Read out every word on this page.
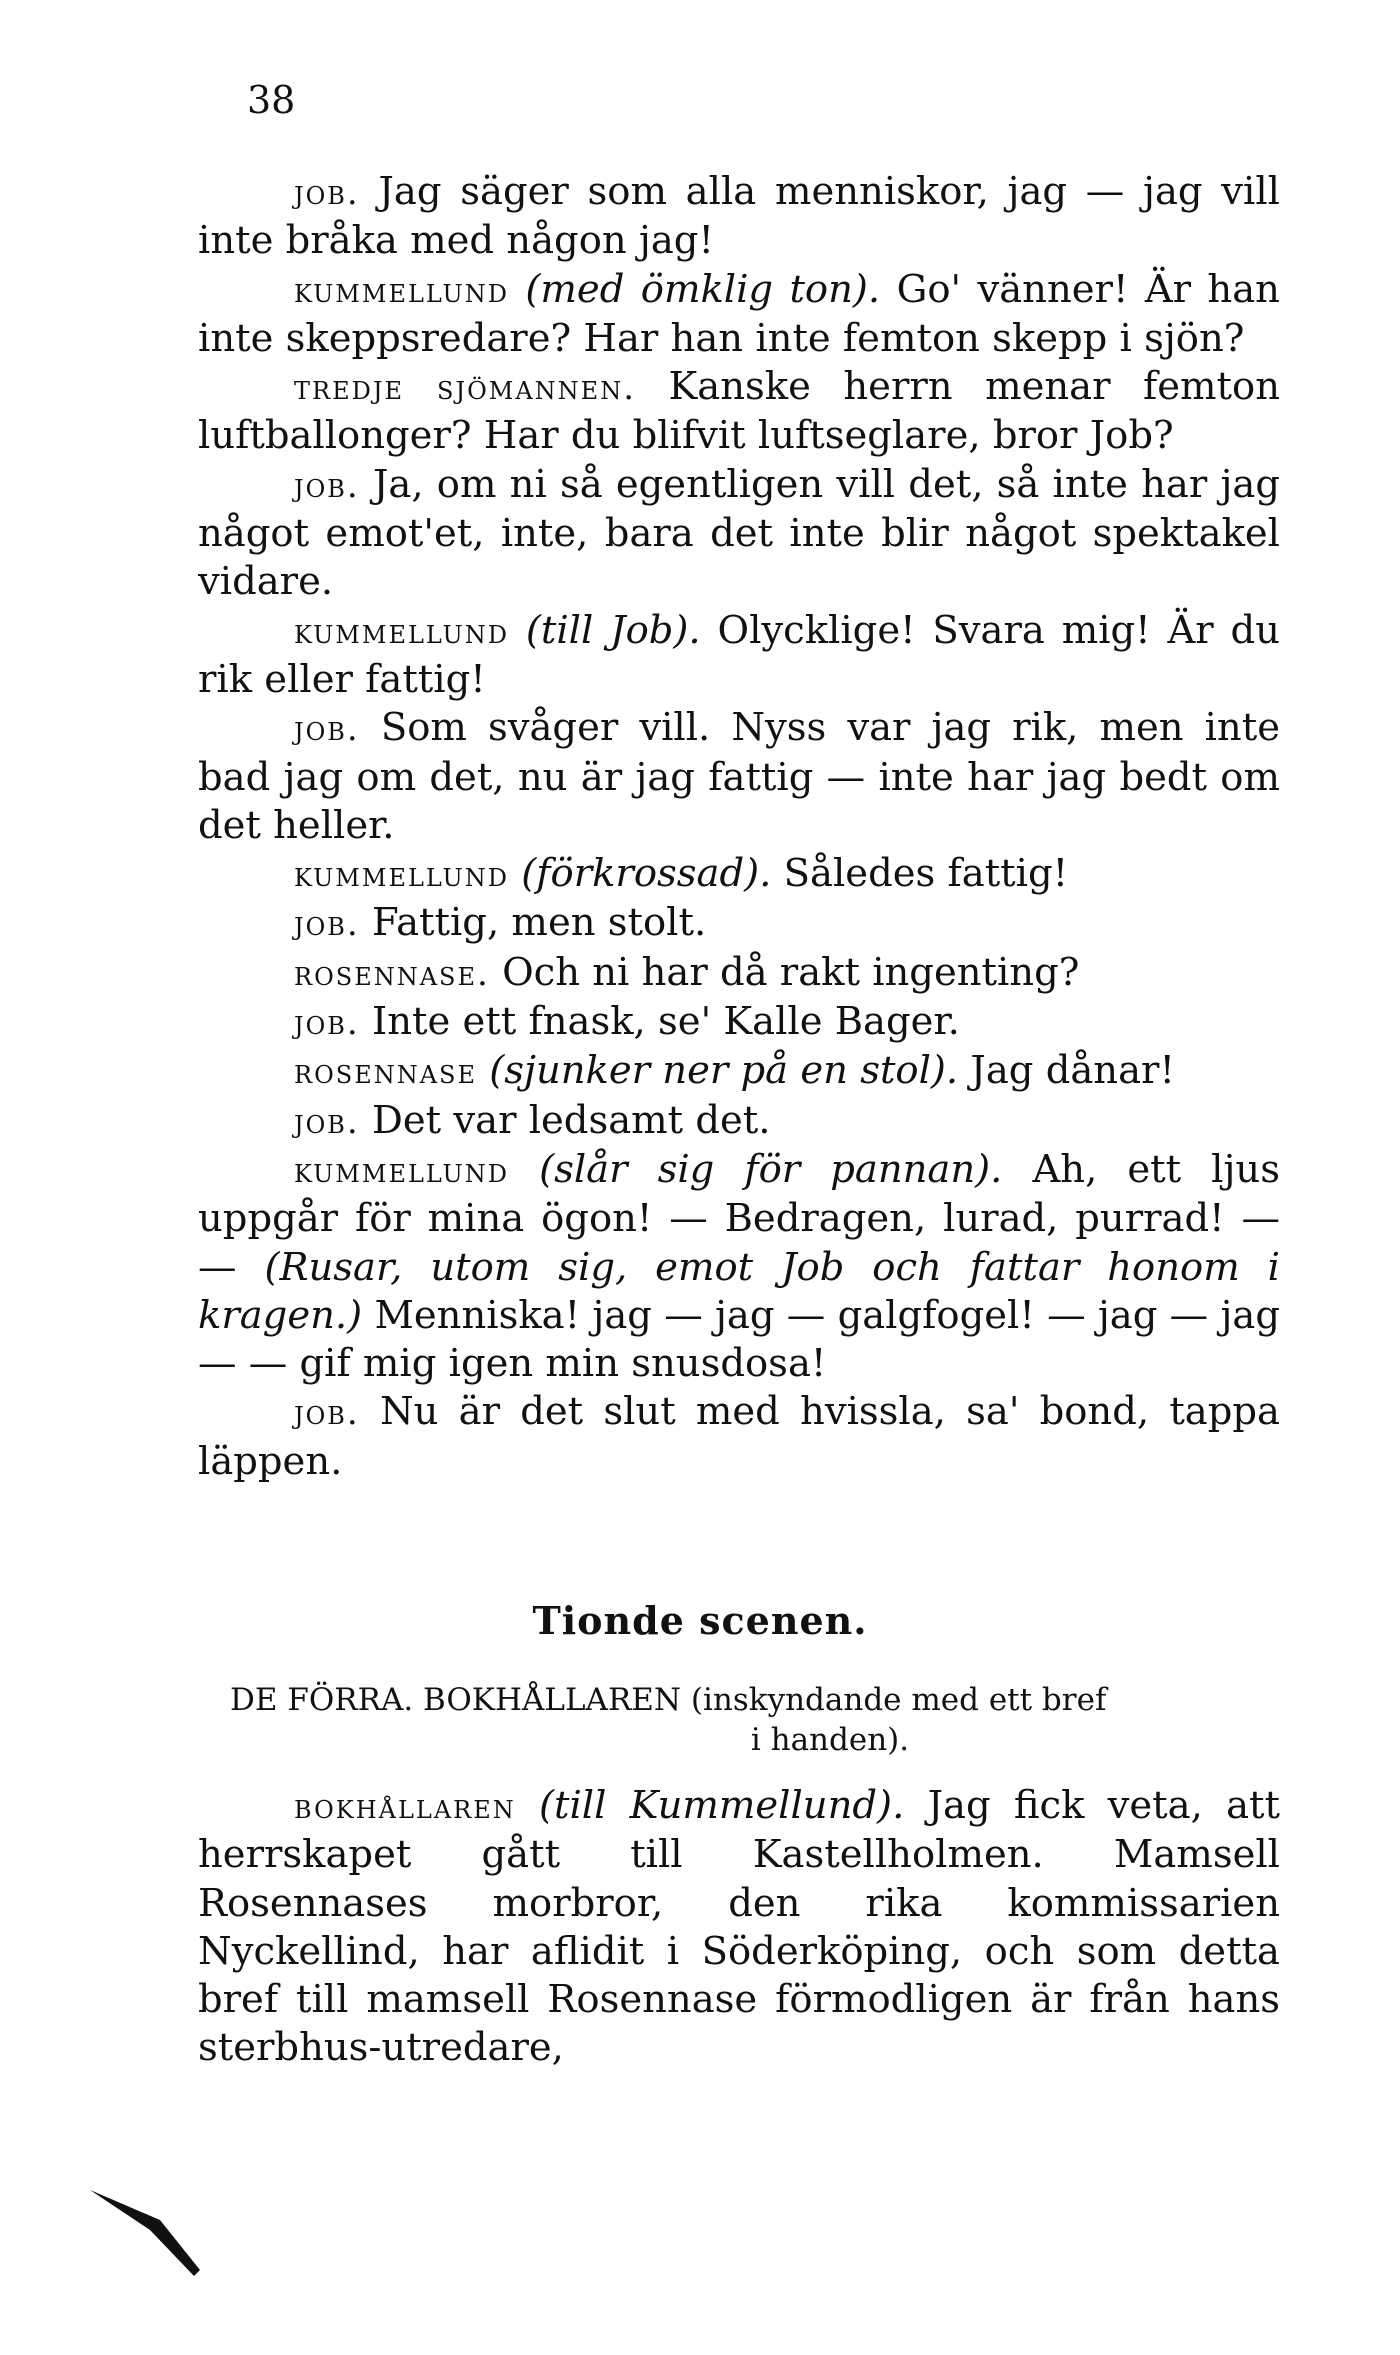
38

job. Jag säger som alla menniskor, jag — jag vill inte bråka med någon jag!

kummellund (med ömklig ton). Go' vänner! Är han inte skeppsredare? Har han inte femton skepp i sjön?

tredje sjömannen. Kanske herrn menar femton luftballonger? Har du blifvit luftseglare, bror Job?

job. Ja, om ni så egentligen vill det, så inte har jag något emot'et, inte, bara det inte blir något spektakel vidare.

kummellund (till Job). Olycklige! Svara mig! Är du rik eller fattig!

job. Som svåger vill. Nyss var jag rik, men inte bad jag om det, nu är jag fattig — inte har jag bedt om det heller.

kummellund (förkrossad). Således fattig!

job. Fattig, men stolt.

rosennase. Och ni har då rakt ingenting?

job. Inte ett fnask, se' Kalle Bager.

rosennase (sjunker ner på en stol). Jag dånar!

job. Det var ledsamt det.

kummellund (slår sig för pannan). Ah, ett ljus uppgår för mina ögon! — Bedragen, lurad, purrad! — — (Rusar, utom sig, emot Job och fattar honom i kragen.) Menniska! jag — jag — galgfogel! — jag — jag — — gif mig igen min snusdosa!

job. Nu är det slut med hvissla, sa' bond, tappa läppen.

Tionde scenen.
DE FÖRRA. BOKHÅLLAREN (inskyndande med ett bref
i handen).

bokhållaren (till Kummellund). Jag fick veta, att herrskapet gått till Kastellholmen. Mamsell Rosennases morbror, den rika kommissarien Nyckellind, har aflidit i Söderköping, och som detta bref till mamsell Rosennase förmodligen är från hans sterbhus-utredare,
